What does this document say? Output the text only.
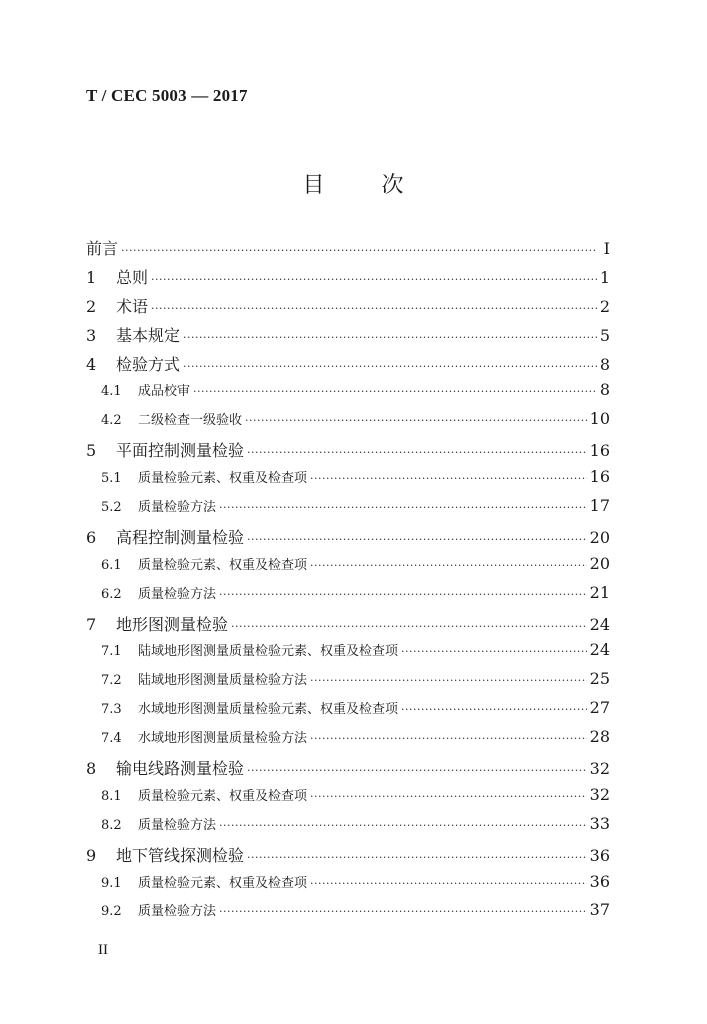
T / CEC 5003 — 2017
目	次
前言 ·····	Ⅰ
1	总则 ·····	1
2	术语 ·····	2
3	基本规定 ·····	5
4	检验方式 ·····	8
4.1	成品校审 ·····	8
4.2	二级检查一级验收 ·····	10
5	平面控制测量检验 ·····	16
5.1	质量检验元素、权重及检查项 ·····	16
5.2	质量检验方法 ·····	17
6	高程控制测量检验 ·····	20
6.1	质量检验元素、权重及检查项 ·····	20
6.2	质量检验方法 ·····	21
7	地形图测量检验 ·····	24
7.1	陆域地形图测量质量检验元素、权重及检查项 ·····	24
7.2	陆域地形图测量质量检验方法 ·····	25
7.3	水域地形图测量质量检验元素、权重及检查项 ·····	27
7.4	水域地形图测量质量检验方法 ·····	28
8	输电线路测量检验 ·····	32
8.1	质量检验元素、权重及检查项 ·····	32
8.2	质量检验方法 ·····	33
9	地下管线探测检验 ·····	36
9.1	质量检验元素、权重及检查项 ·····	36
9.2	质量检验方法 ·····	37
II
